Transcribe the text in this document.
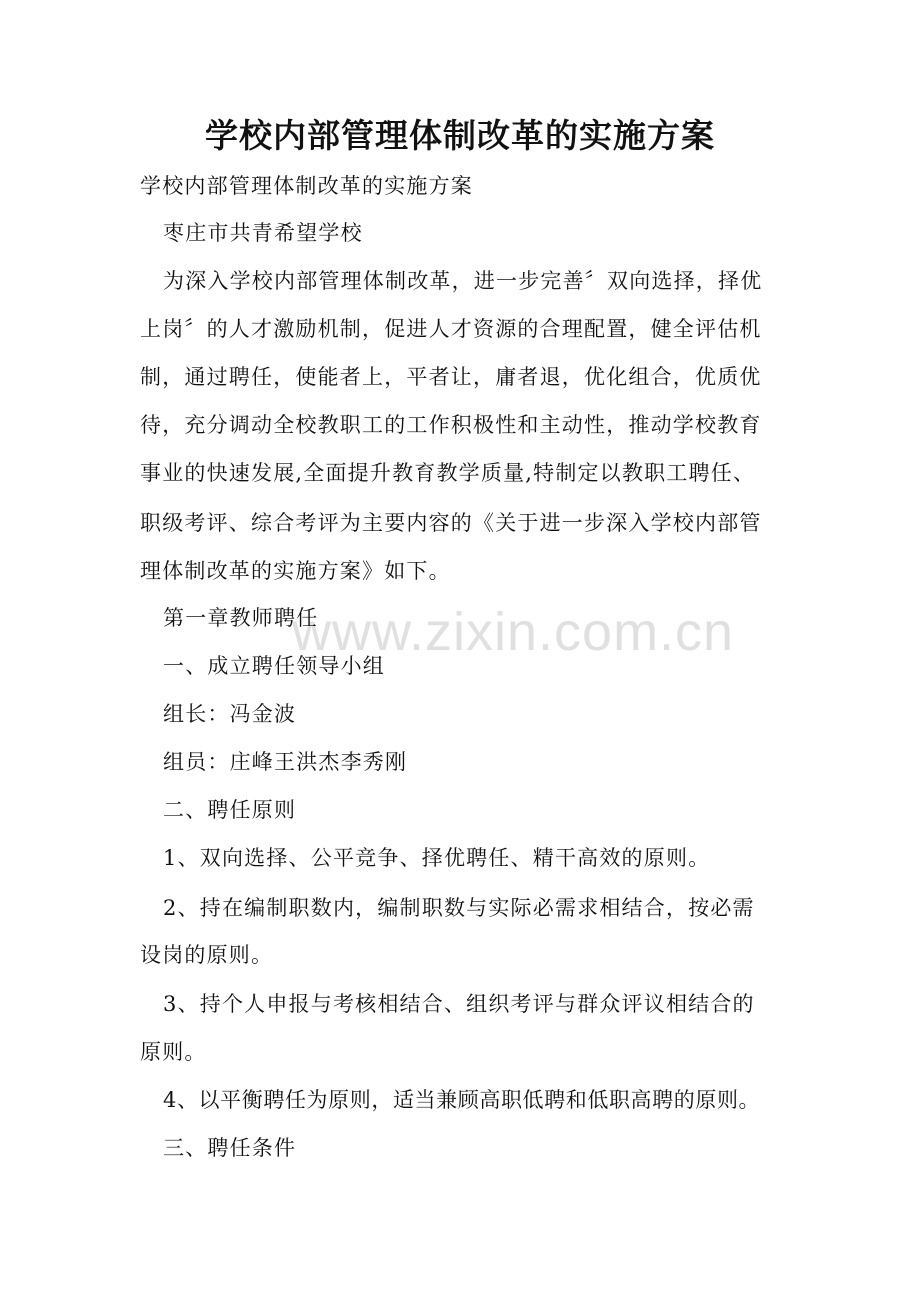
学校内部管理体制改革的实施方案
学校内部管理体制改革的实施方案
枣庄市共青希望学校
为深入学校内部管理体制改革，进一步完善〞双向选择，择优
上岗〞的人才激励机制，促进人才资源的合理配置，健全评估机
制，通过聘任，使能者上，平者让，庸者退，优化组合，优质优
待，充分调动全校教职工的工作积极性和主动性，推动学校教育
事业的快速发展,全面提升教育教学质量,特制定以教职工聘任、
职级考评、综合考评为主要内容的《关于进一步深入学校内部管
理体制改革的实施方案》如下。
www.zixin.com.cn
第一章教师聘任
一、成立聘任领导小组
组长：冯金波
组员：庄峰王洪杰李秀刚
二、聘任原则
1、双向选择、公平竞争、择优聘任、精干高效的原则。
2、持在编制职数内，编制职数与实际必需求相结合，按必需
设岗的原则。
3、持个人申报与考核相结合、组织考评与群众评议相结合的
原则。
4、以平衡聘任为原则，适当兼顾高职低聘和低职高聘的原则。
三、聘任条件
